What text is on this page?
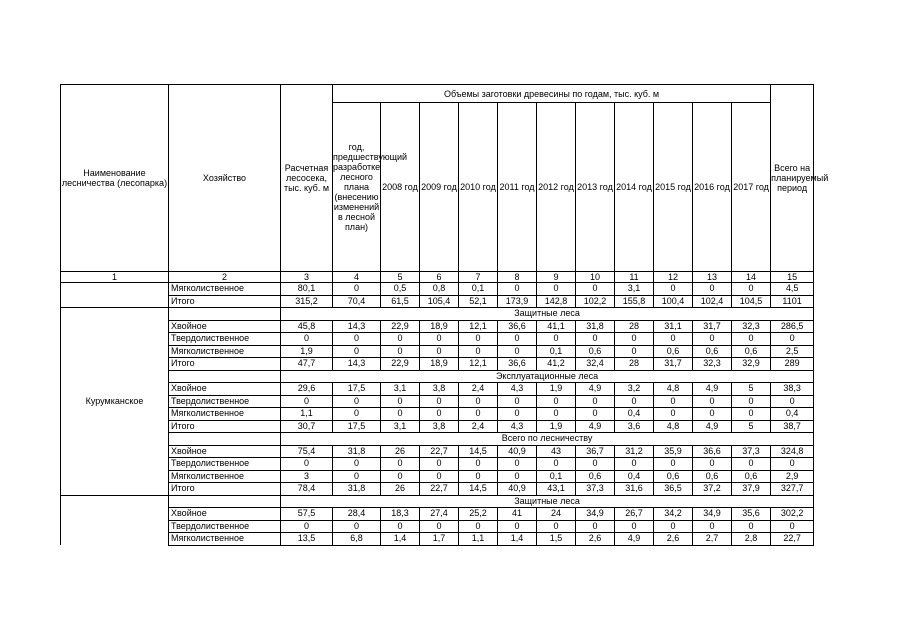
Наименование лесничества (лесопарка)	Хозяйство	Расчетная лесосека, тыс. куб. м	Объемы заготовки древесины по годам, тыс. куб. м											Всего на планируемый период
			год, предшествующий разработке лесного плана (внесению изменений в лесной план)	2008 год	2009 год	2010 год	2011 год	2012 год	2013 год	2014 год	2015 год	2016 год	2017 год	
1	2	3	4	5	6	7	8	9	10	11	12	13	14	15
	Мягколиственное	80,1	0	0,5	0,8	0,1	0	0	0	3,1	0	0	0	4,5
	Итого	315,2	70,4	61,5	105,4	52,1	173,9	142,8	102,2	155,8	100,4	102,4	104,5	1101
Курумканское		Защитные леса												
	Хвойное	45,8	14,3	22,9	18,9	12,1	36,6	41,1	31,8	28	31,1	31,7	32,3	286,5
	Твердолиственное	0	0	0	0	0	0	0	0	0	0	0	0	0
	Мягколиственное	1,9	0	0	0	0	0	0,1	0,6	0	0,6	0,6	0,6	2,5
	Итого	47,7	14,3	22,9	18,9	12,1	36,6	41,2	32,4	28	31,7	32,3	32,9	289
		Эксплуатационные леса												
	Хвойное	29,6	17,5	3,1	3,8	2,4	4,3	1,9	4,9	3,2	4,8	4,9	5	38,3
	Твердолиственное	0	0	0	0	0	0	0	0	0	0	0	0	0
	Мягколиственное	1,1	0	0	0	0	0	0	0	0,4	0	0	0	0,4
	Итого	30,7	17,5	3,1	3,8	2,4	4,3	1,9	4,9	3,6	4,8	4,9	5	38,7
		Всего по лесничеству												
	Хвойное	75,4	31,8	26	22,7	14,5	40,9	43	36,7	31,2	35,9	36,6	37,3	324,8
	Твердолиственное	0	0	0	0	0	0	0	0	0	0	0	0	0
	Мягколиственное	3	0	0	0	0	0	0,1	0,6	0,4	0,6	0,6	0,6	2,9
	Итого	78,4	31,8	26	22,7	14,5	40,9	43,1	37,3	31,6	36,5	37,2	37,9	327,7
		Защитные леса												
	Хвойное	57,5	28,4	18,3	27,4	25,2	41	24	34,9	26,7	34,2	34,9	35,6	302,2
	Твердолиственное	0	0	0	0	0	0	0	0	0	0	0	0	0
	Мягколиственное	13,5	6,8	1,4	1,7	1,1	1,4	1,5	2,6	4,9	2,6	2,7	2,8	22,7
